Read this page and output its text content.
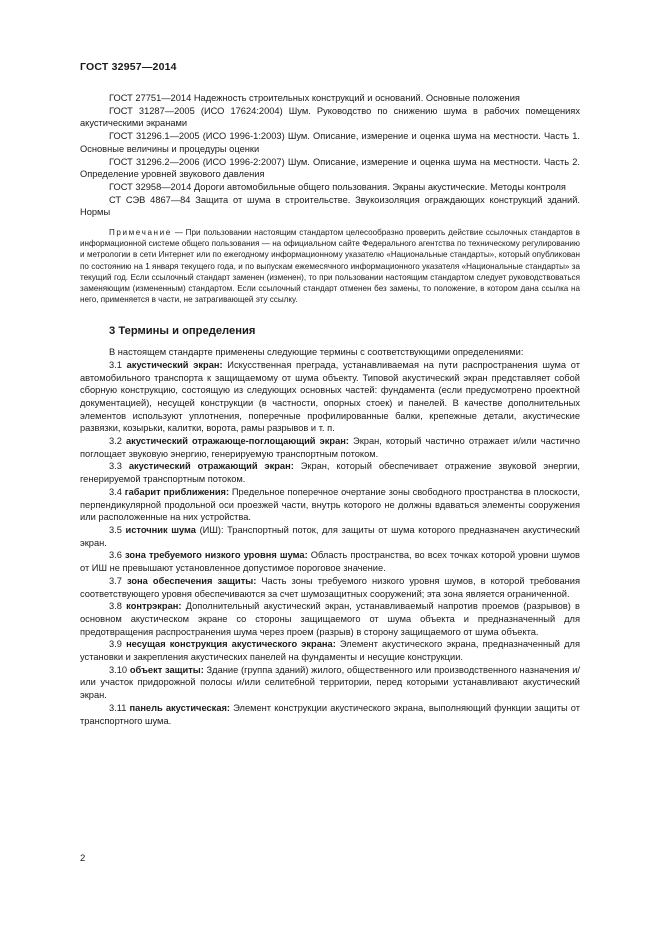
ГОСТ 32957—2014

ГОСТ 27751—2014 Надежность строительных конструкций и оснований. Основные положения

ГОСТ 31287—2005 (ИСО 17624:2004) Шум. Руководство по снижению шума в рабочих помещениях акустическими экранами

ГОСТ 31296.1—2005 (ИСО 1996-1:2003) Шум. Описание, измерение и оценка шума на местности. Часть 1. Основные величины и процедуры оценки

ГОСТ 31296.2—2006 (ИСО 1996-2:2007) Шум. Описание, измерение и оценка шума на местности. Часть 2. Определение уровней звукового давления

ГОСТ 32958—2014 Дороги автомобильные общего пользования. Экраны акустические. Методы контроля

СТ СЭВ 4867—84 Защита от шума в строительстве. Звукоизоляция ограждающих конструкций зданий. Нормы

Примечание — При пользовании настоящим стандартом целесообразно проверить действие ссылочных стандартов в информационной системе общего пользования — на официальном сайте Федерального агентства по техническому регулированию и метрологии в сети Интернет или по ежегодному информационному указателю «Национальные стандарты», который опубликован по состоянию на 1 января текущего года, и по выпускам ежемесячного информационного указателя «Национальные стандарты» за текущий год. Если ссылочный стандарт заменен (изменен), то при пользовании настоящим стандартом следует руководствоваться заменяющим (измененным) стандартом. Если ссылочный стандарт отменен без замены, то положение, в котором дана ссылка на него, применяется в части, не затрагивающей эту ссылку.

3 Термины и определения

В настоящем стандарте применены следующие термины с соответствующими определениями:

3.1 акустический экран: Искусственная преграда, устанавливаемая на пути распространения шума от автомобильного транспорта к защищаемому от шума объекту. Типовой акустический экран представляет собой сборную конструкцию, состоящую из следующих основных частей: фундамента (если предусмотрено проектной документацией), несущей конструкции (в частности, опорных стоек) и панелей. В качестве дополнительных элементов используют уплотнения, поперечные профилированные балки, крепежные детали, акустические развязки, козырьки, калитки, ворота, рамы разрывов и т. п.

3.2 акустический отражающе-поглощающий экран: Экран, который частично отражает и/или частично поглощает звуковую энергию, генерируемую транспортным потоком.

3.3 акустический отражающий экран: Экран, который обеспечивает отражение звуковой энергии, генерируемой транспортным потоком.

3.4 габарит приближения: Предельное поперечное очертание зоны свободного пространства в плоскости, перпендикулярной продольной оси проезжей части, внутрь которого не должны вдаваться элементы сооружения или расположенные на них устройства.

3.5 источник шума (ИШ): Транспортный поток, для защиты от шума которого предназначен акустический экран.

3.6 зона требуемого низкого уровня шума: Область пространства, во всех точках которой уровни шумов от ИШ не превышают установленное допустимое пороговое значение.

3.7 зона обеспечения защиты: Часть зоны требуемого низкого уровня шумов, в которой требования соответствующего уровня обеспечиваются за счет шумозащитных сооружений; эта зона является ограниченной.

3.8 контрэкран: Дополнительный акустический экран, устанавливаемый напротив проемов (разрывов) в основном акустическом экране со стороны защищаемого от шума объекта и предназначенный для предотвращения распространения шума через проем (разрыв) в сторону защищаемого от шума объекта.

3.9 несущая конструкция акустического экрана: Элемент акустического экрана, предназначенный для установки и закрепления акустических панелей на фундаменты и несущие конструкции.

3.10 объект защиты: Здание (группа зданий) жилого, общественного или производственного назначения и/или участок придорожной полосы и/или селитебной территории, перед которыми устанавливают акустический экран.

3.11 панель акустическая: Элемент конструкции акустического экрана, выполняющий функции защиты от транспортного шума.

2
